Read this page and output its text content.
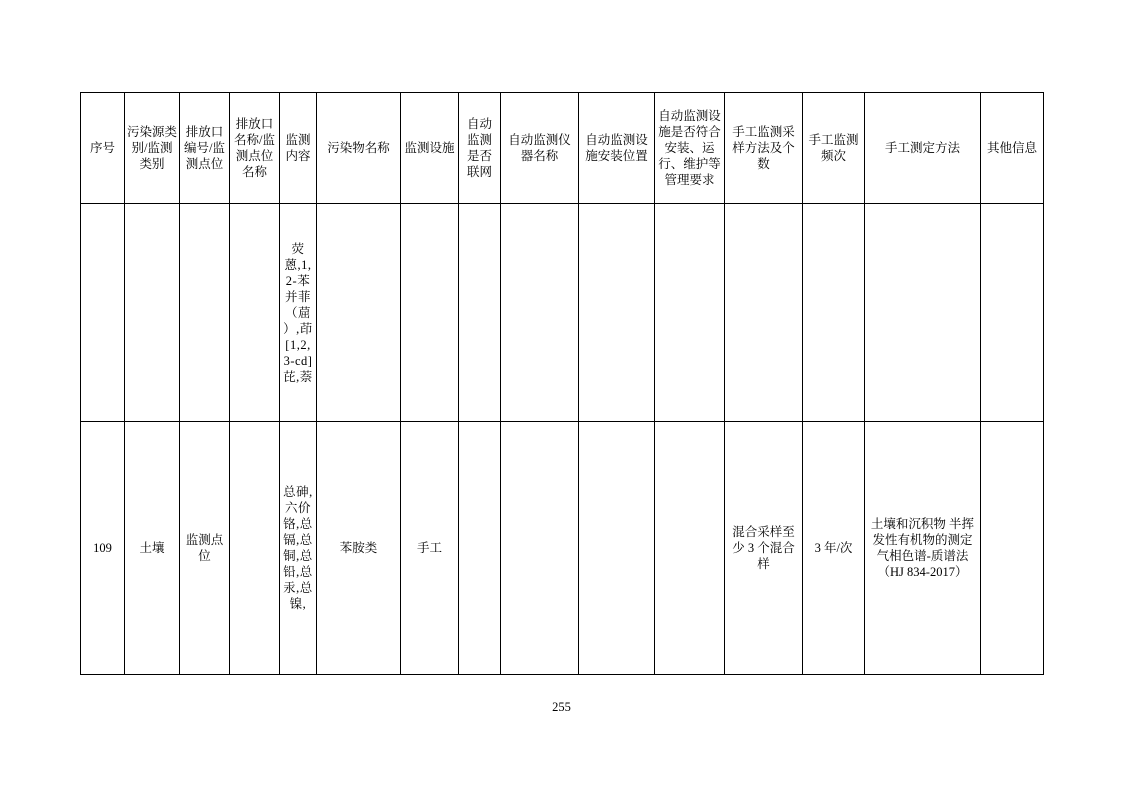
序号	污染源类别/监测类别	排放口编号/监测点位	排放口名称/监测点位名称	监测内容	污染物名称	监测设施	自动监测是否联网	自动监测仪器名称	自动监测设施安装位置	自动监测设施是否符合安装、运行、维护等管理要求	手工监测采样方法及个数	手工监测频次	手工测定方法	其他信息
				荧蒽,1,2-苯并菲（䓛）,茚[1,2,3-cd]芘,萘										
109	土壤	监测点位		总砷,六价铬,总镉,总铜,总铅,总汞,总镍,	苯胺类	手工					混合采样至少 3 个混合样	3 年/次	土壤和沉积物 半挥发性有机物的测定 气相色谱-质谱法（HJ 834-2017）	
255
